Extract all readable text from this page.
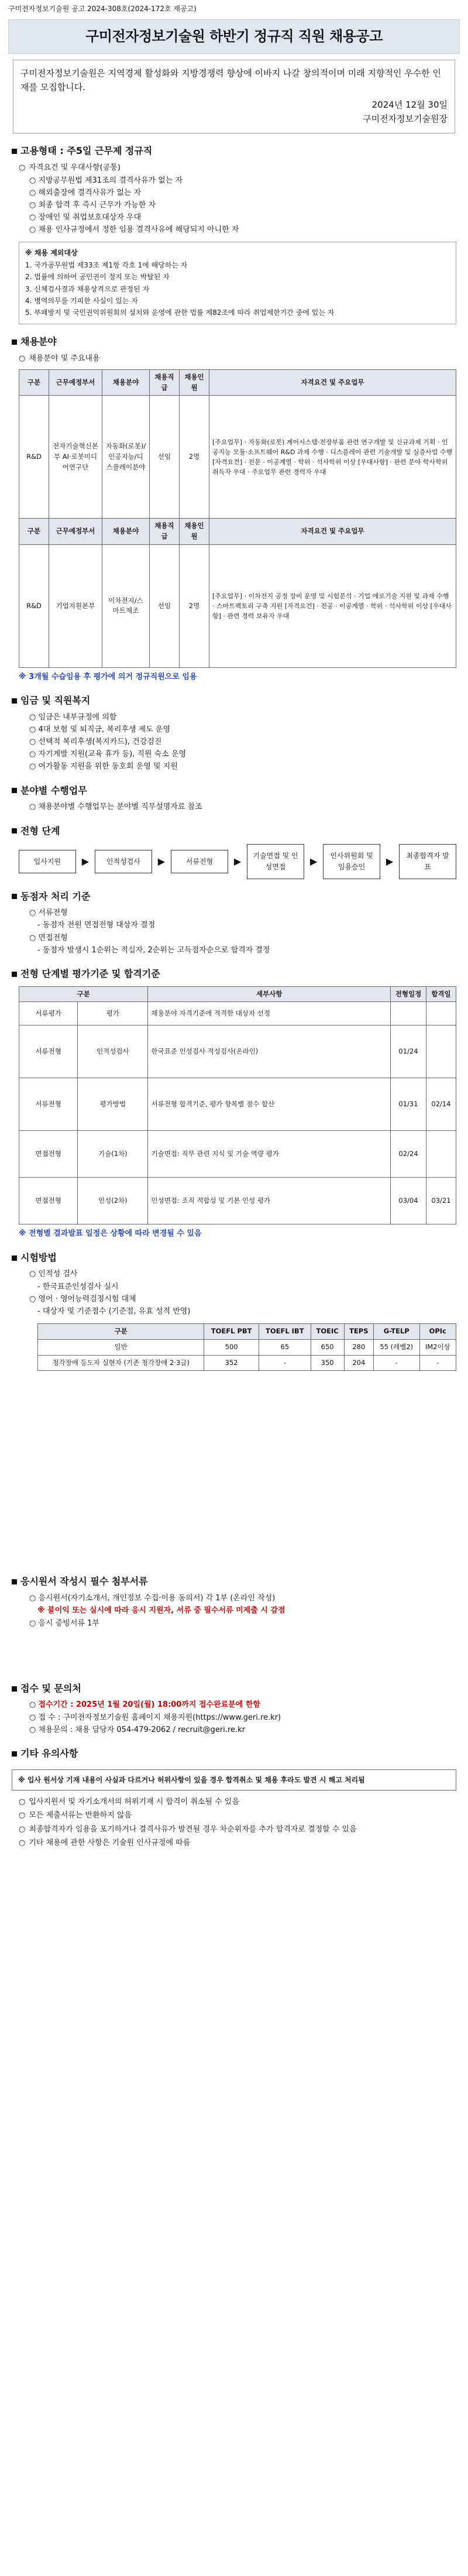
구미전자정보기술원 공고 2024-308호(2024-172호 재공고)
구미전자정보기술원 하반기 정규직 직원 채용공고
구미전자정보기술원은 지역경제 활성화와 지방경쟁력 향상에 이바지 나갈 창의적이며 미래 지향적인 우수한 인재를 모집합니다.
2024년 12월 30일
구미전자정보기술원장
고용형태 : 주5일 근무제 정규직
○ 자격요건 및 우대사항(공통)
○ 지방공무원법 제31조의 결격사유가 없는 자
○ 해외출장에 결격사유가 없는 자
○ 최종 합격 후 즉시 근무가 가능한 자
○ 장애인 및 취업보호대상자 우대
○ 채용 인사규정에서 정한 임용 결격사유에 해당되지 아니한 자
※ 채용 제외대상
1. 국가공무원법 제33조 제1항 각호 1에 해당하는 자
2. 법률에 의하여 공민권이 정지 또는 박탈된 자
3. 신체검사결과 채용상격으로 판정된 자
4. 병역의무를 기피한 사실이 있는 자
5. 부패방지 및 국민권익위원회의 설치와 운영에 관한 법률 제82조에 따라 취업제한기간 중에 있는 자
채용분야
○ 채용분야 및 주요내용
구분	근무예정부서	채용분야	채용직급	채용인원	자격요건 및 주요업무
R&D	전자기술혁신본부 AI·로봇미디어연구단	자동화(로봇)/인공지능/디스플레이분야	선임	2명	[주요업무] · 자동화(로봇) 계어시스템·전장부품 관련 연구개발 및 신규과제 기획 · 인공지능 모듈·소프트웨어 R&D 과제 수행 · 디스플레이 관련 기술개발 및 실증사업 수행 [자격요건] · 전문 · 이공계열 · 학위 · 석사학위 이상 [우대사항] · 관련 분야 학사학위 취득자 우대 · 주요업무 관련 경력자 우대
구분	근무예정부서	채용분야	채용직급	채용인원	자격요건 및 주요업무
R&D	기업지원본부	이차전지/스마트제조	선임	2명	[주요업무] · 이차전지 공정 장비 운영 및 시험분석 · 기업 애로기술 지원 및 과제 수행 · 스마트팩토리 구축 지원 [자격요건] · 전공 · 이공계열 · 학위 · 석사학위 이상 [우대사항] · 관련 경력 보유자 우대
※ 3개월 수습임용 후 평가에 의거 정규직원으로 임용
임금 및 직원복지
○ 임금은 내부규정에 의함
○ 4대 보험 및 퇴직금, 복리후생 제도 운영
○ 선택적 복리후생(복지카드), 건강검진
○ 자기계발 지원(교육 휴가 등), 직원 숙소 운영
○ 여가활동 지원을 위한 동호회 운영 및 지원
분야별 수행업무
○ 채용분야별 수행업무는 분야별 직무설명자료 참조
전형 단계
입사지원	▶	인적성검사	▶	서류전형	▶	기술면접 및 인성면접
▶	인사위원회 및 임용승인
▶	최종합격자 발표
동점자 처리 기준
○ 서류전형
- 동점자 전원 면접전형 대상자 결정
○ 면접전형
- 동점자 발생시 1순위는 적십자, 2순위는 고득점자순으로 합격자 결정
전형 단계별 평가기준 및 합격기준
구분		세부사항	전형일정	합격일
서류평가	평가	채용분야 자격기준에 적격한 대상자 선정		
서류전형	인적성검사	한국표준 인성검사 적성검사(온라인)	01/24	
서류전형	평가방법	서류전형 합격기준, 평가 항목별 점수 합산	01/31	02/14
면접전형	기술(1차)	기술면접: 직무 관련 지식 및 기술 역량 평가	02/24	
면접전형	인성(2차)	인성면접: 조직 적합성 및 기본 인성 평가	03/04	03/21
※ 전형별 결과발표 일정은 상황에 따라 변경될 수 있음
시험방법
○ 인적성 검사
- 한국표준인성검사 실시
○ 영어 · 영어능력검정시험 대체
- 대상자 및 기준점수 (기준점, 유효 성적 반영)
구분	TOEFL PBT	TOEFL IBT	TOEIC	TEPS	G-TELP	OPIc
일반	500	65	650	280	55 (레벨2)	IM2이상
청각장애 등도자 실현자 (기존 청각장애 2·3급)	352	-	350	204	-	-
응시원서 작성시 필수 첨부서류
○ 응시원서(자기소개서, 개인정보 수집·이용 동의서) 각 1부 (온라인 작성)
※ 불이익 또는 실시에 따라 응시 지원자, 서류 중 필수서류 미제출 시 감점
○ 응시 증빙서류 1부
접수 및 문의처
○ 접수기간 : 2025년 1월 20일(월) 18:00까지 접수완료분에 한함
○ 접 수 : 구미전자정보기술원 홈페이지 채용지원(https://www.geri.re.kr)
○ 채용문의 : 채용 담당자 054-479-2062 / recruit@geri.re.kr
기타 유의사항
※ 입사 원서상 기재 내용이 사실과 다르거나 허위사항이 있을 경우 합격취소 및 채용 후라도 발견 시 해고 처리됨
○ 입사지원서 및 자기소개서의 허위기재 시 합격이 취소될 수 있음
○ 모든 제출서류는 반환하지 않음
○ 최종합격자가 임용을 포기하거나 결격사유가 발견될 경우 차순위자를 추가 합격자로 결정할 수 있음
○ 기타 채용에 관한 사항은 기술원 인사규정에 따름
